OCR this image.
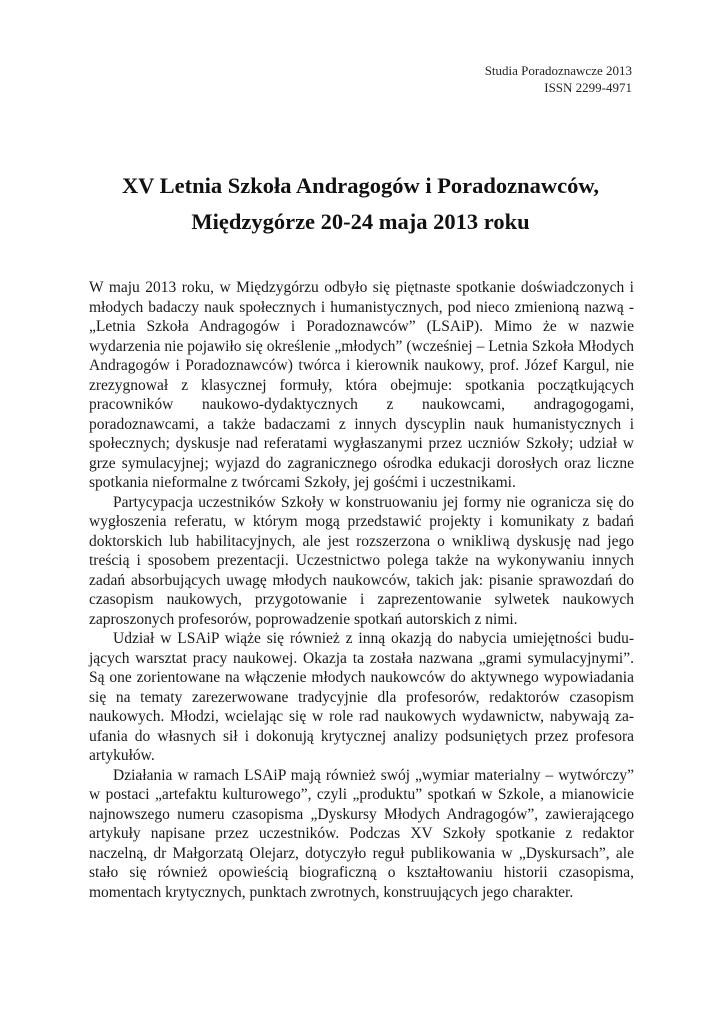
Studia Poradoznawcze 2013
ISSN 2299-4971
XV Letnia Szkoła Andragogów i Poradoznawców,
Międzygórze 20-24 maja 2013 roku

W maju 2013 roku, w Międzygórzu odbyło się piętnaste spotkanie doświadczonych i młodych badaczy nauk społecznych i humanistycznych, pod nieco zmienioną nazwą -„Letnia Szkoła Andragogów i Poradoznawców” (LSAiP). Mimo że w nazwie wydarzenia nie pojawiło się określenie „młodych” (wcześniej – Letnia Szkoła Młodych Andragogów i Poradoznawców) twórca i kierownik naukowy, prof. Józef Kargul, nie zrezygnował z klasycznej formuły, która obejmuje: spotkania początkujących pracowników naukowo-dydaktycznych z naukowcami, andragogogami, poradoznawcami, a także badaczami z innych dyscyplin nauk humanistycznych i społecznych; dyskusje nad referatami wygłaszanymi przez uczniów Szkoły; udział w grze symulacyjnej; wyjazd do zagranicznego ośrodka edukacji dorosłych oraz liczne spotkania nieformalne z twórcami Szkoły, jej gośćmi i uczestnikami.

Partycypacja uczestników Szkoły w konstruowaniu jej formy nie ogranicza się do wygłoszenia referatu, w którym mogą przedstawić projekty i komunikaty z badań doktorskich lub habilitacyjnych, ale jest rozszerzona o wnikliwą dyskusję nad jego treścią i sposobem prezentacji. Uczestnictwo polega także na wykonywaniu innych zadań absorbujących uwagę młodych naukowców, takich jak: pisanie sprawozdań do czasopism naukowych, przygotowanie i zaprezentowanie sylwetek naukowych zaproszonych profesorów, poprowadzenie spotkań autorskich z nimi.

Udział w LSAiP wiąże się również z inną okazją do nabycia umiejętności budujących warsztat pracy naukowej. Okazja ta została nazwana „grami symulacyjnymi”. Są one zorientowane na włączenie młodych naukowców do aktywnego wypowiadania się na tematy zarezerwowane tradycyjnie dla profesorów, redaktorów czasopism naukowych. Młodzi, wcielając się w role rad naukowych wydawnictw, nabywają zaufania do własnych sił i dokonują krytycznej analizy podsuniętych przez profesora artykułów.

Działania w ramach LSAiP mają również swój „wymiar materialny – wytwórczy” w postaci „artefaktu kulturowego”, czyli „produktu” spotkań w Szkole, a mianowicie najnowszego numeru czasopisma „Dyskursy Młodych Andragogów”, zawierającego artykuły napisane przez uczestników. Podczas XV Szkoły spotkanie z redaktor naczelną, dr Małgorzatą Olejarz, dotyczyło reguł publikowania w „Dyskursach”, ale stało się również opowieścią biograficzną o kształtowaniu historii czasopisma, momentach krytycznych, punktach zwrotnych, konstruujących jego charakter.
